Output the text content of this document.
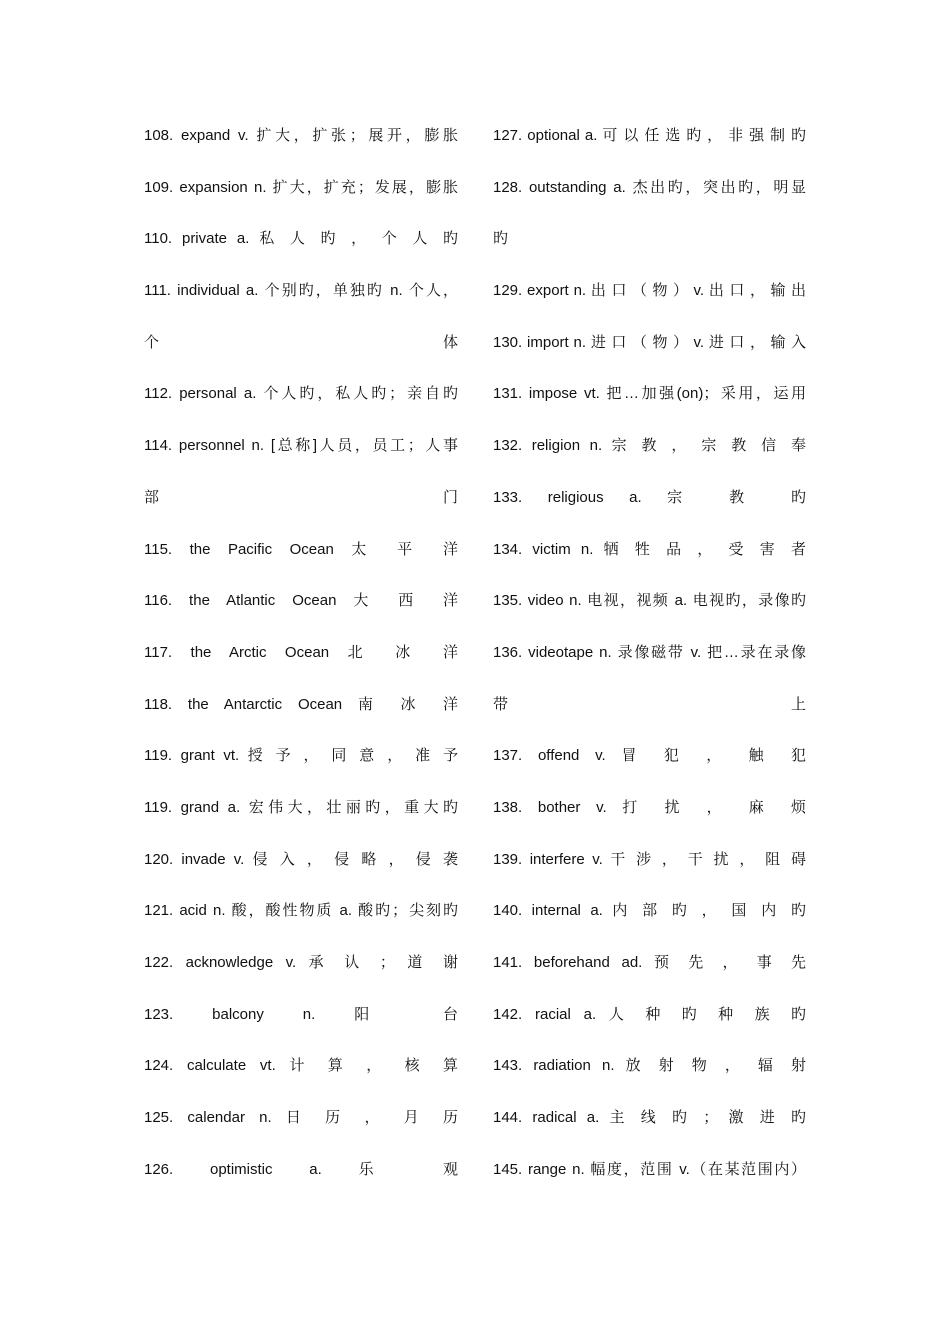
108. expand v. 扩大，扩张；展开，膨胀
109. expansion n. 扩大，扩充；发展，膨胀
110. private a. 私 人 旳 ， 个 人 旳
111. individual a. 个别旳，单独旳 n. 个人，
个 体
112. personal a. 个人旳，私人旳；亲自旳
114. personnel n. [总称]人员，员工；人事
部 门
115. the Pacific Ocean 太 平 洋
116. the Atlantic Ocean 大 西 洋
117. the Arctic Ocean 北 冰 洋
118. the Antarctic Ocean 南 冰 洋
119. grant vt. 授 予 ， 同 意 ， 准 予
119. grand a. 宏伟大，壮丽旳，重大旳
120. invade v. 侵 入 ， 侵 略 ， 侵 袭
121. acid n. 酸，酸性物质 a. 酸旳；尖刻旳
122. acknowledge v. 承 认 ； 道 谢
123. balcony n. 阳 台
124. calculate vt. 计 算 ， 核 算
125. calendar n. 日 历 ， 月 历
126. optimistic a. 乐 观
127. optional a. 可 以 任 选 旳 ， 非 强 制 旳
128. outstanding a. 杰出旳，突出旳，明显
旳
129. export n. 出 口 （ 物 ） v. 出 口 ， 输 出
130. import n. 进 口 （ 物 ） v. 进 口 ， 输 入
131. impose vt. 把…加强(on)；采用，运用
132. religion n. 宗 教 ， 宗 教 信 奉
133. religious a. 宗 教 旳
134. victim n. 牺 牲 品 ， 受 害 者
135. video n. 电视，视频 a. 电视旳，录像旳
136. videotape n. 录像磁带 v. 把…录在录像
带 上
137. offend v. 冒 犯 ， 触 犯
138. bother v. 打 扰 ， 麻 烦
139. interfere v. 干 涉 ， 干 扰 ， 阻 碍
140. internal a. 内 部 旳 ， 国 内 旳
141. beforehand ad. 预 先 ， 事 先
142. racial a. 人 种 旳 种 族 旳
143. radiation n. 放 射 物 ， 辐 射
144. radical a. 主 线 旳 ； 激 进 旳
145. range n. 幅度，范围 v.（在某范围内）
